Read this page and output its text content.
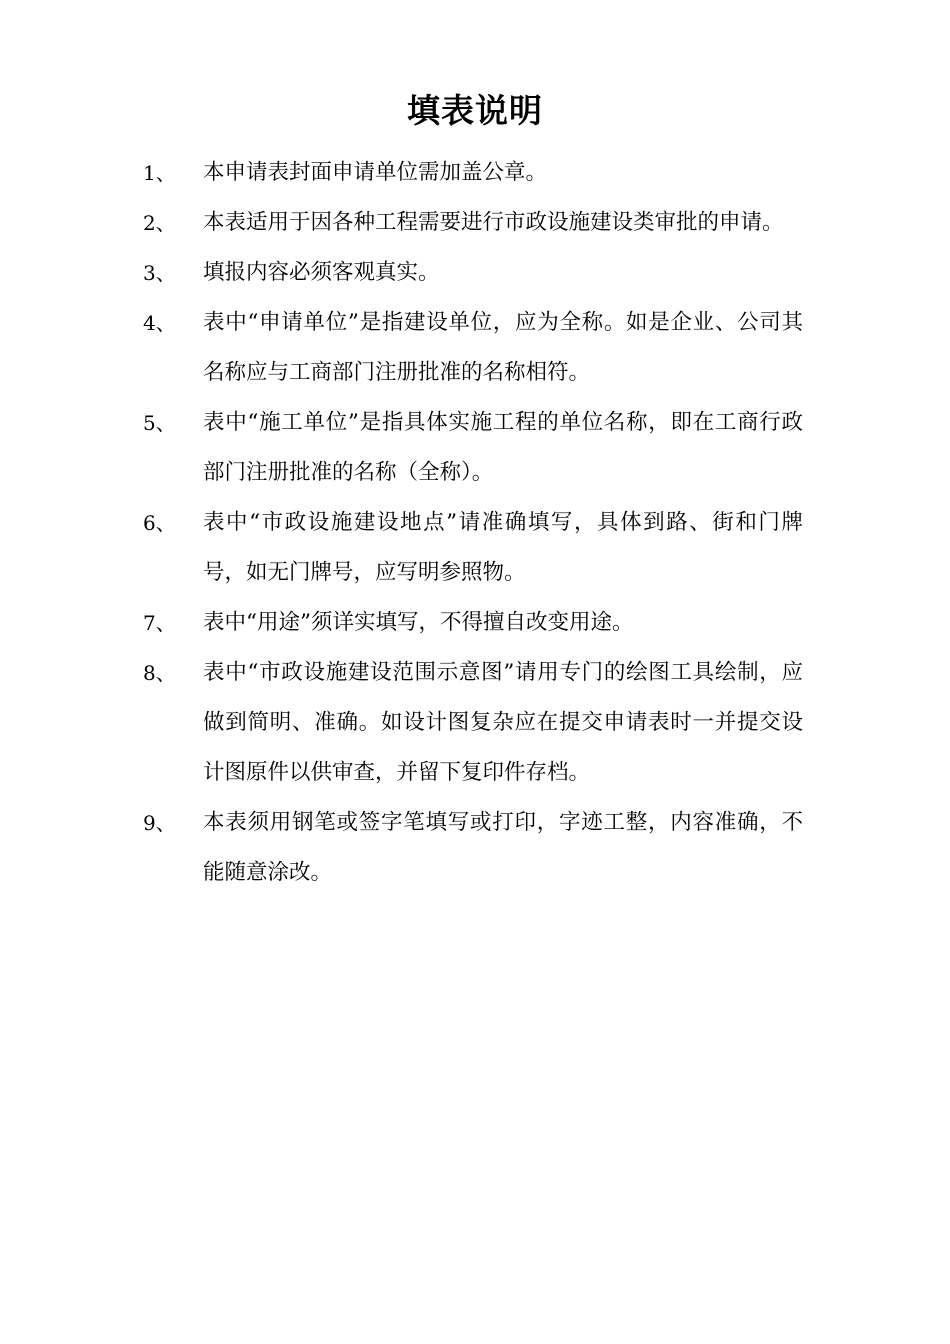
填表说明
1、	本申请表封面申请单位需加盖公章。
2、	本表适用于因各种工程需要进行市政设施建设类审批的申请。
3、	填报内容必须客观真实。
4、	表中“申请单位”是指建设单位，应为全称。如是企业、公司其名称应与工商部门注册批准的名称相符。
5、	表中“施工单位”是指具体实施工程的单位名称，即在工商行政部门注册批准的名称（全称）。
6、	表中“市政设施建设地点”请准确填写，具体到路、街和门牌号，如无门牌号，应写明参照物。
7、	表中“用途”须详实填写，不得擅自改变用途。
8、	表中“市政设施建设范围示意图”请用专门的绘图工具绘制，应做到简明、准确。如设计图复杂应在提交申请表时一并提交设计图原件以供审查，并留下复印件存档。
9、	本表须用钢笔或签字笔填写或打印，字迹工整，内容准确，不能随意涂改。
